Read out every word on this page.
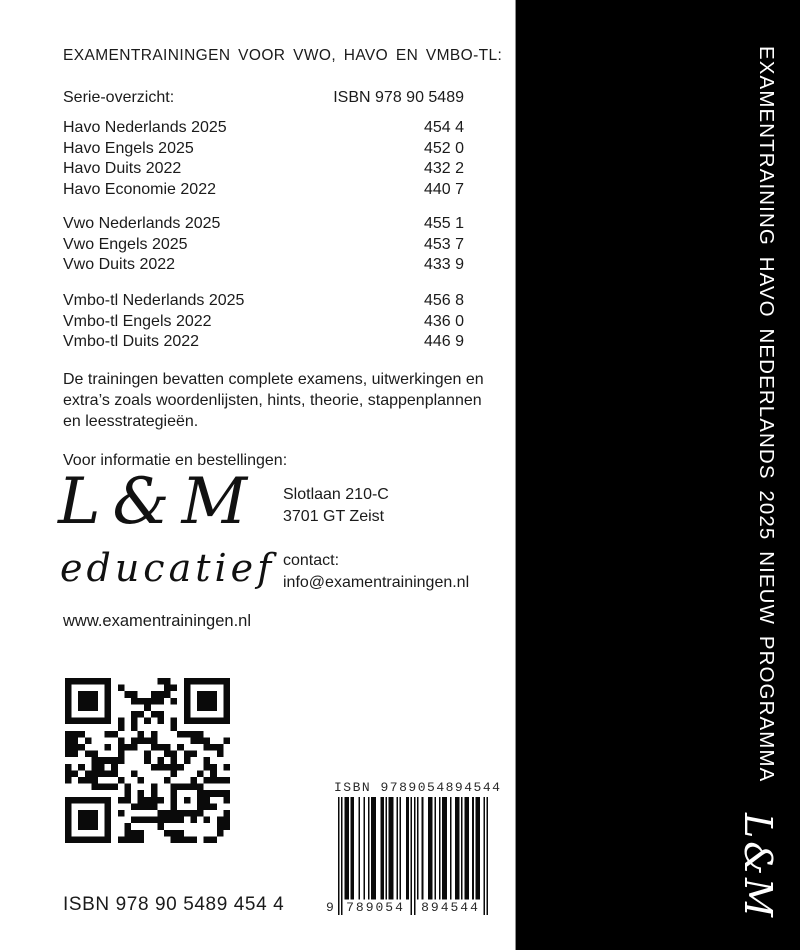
EXAMENTRAININGEN VOOR VWO, HAVO EN VMBO-TL:
Serie-overzicht:	ISBN 978 90 5489
Havo Nederlands 2025	454 4
Havo Engels 2025	452 0
Havo Duits 2022	432 2
Havo Economie 2022	440 7
Vwo Nederlands 2025	455 1
Vwo Engels 2025	453 7
Vwo Duits 2022	433 9
Vmbo-tl Nederlands 2025	456 8
Vmbo-tl Engels 2022	436 0
Vmbo-tl Duits 2022	446 9
De trainingen bevatten complete examens, uitwerkingen en extra’s zoals woordenlijsten, hints, theorie, stappenplannen en leesstrategieën.
Voor informatie en bestellingen:
L&M
educatief
www.examentrainingen.nl
Slotlaan 210-C
3701 GT Zeist
contact:
info@examentrainingen.nl
ISBN 9789054894544
9 789054	894544
ISBN 978 90 5489 454 4
EXAMENTRAINING HAVO NEDERLANDS 2025 NIEUW PROGRAMMA
L&M
